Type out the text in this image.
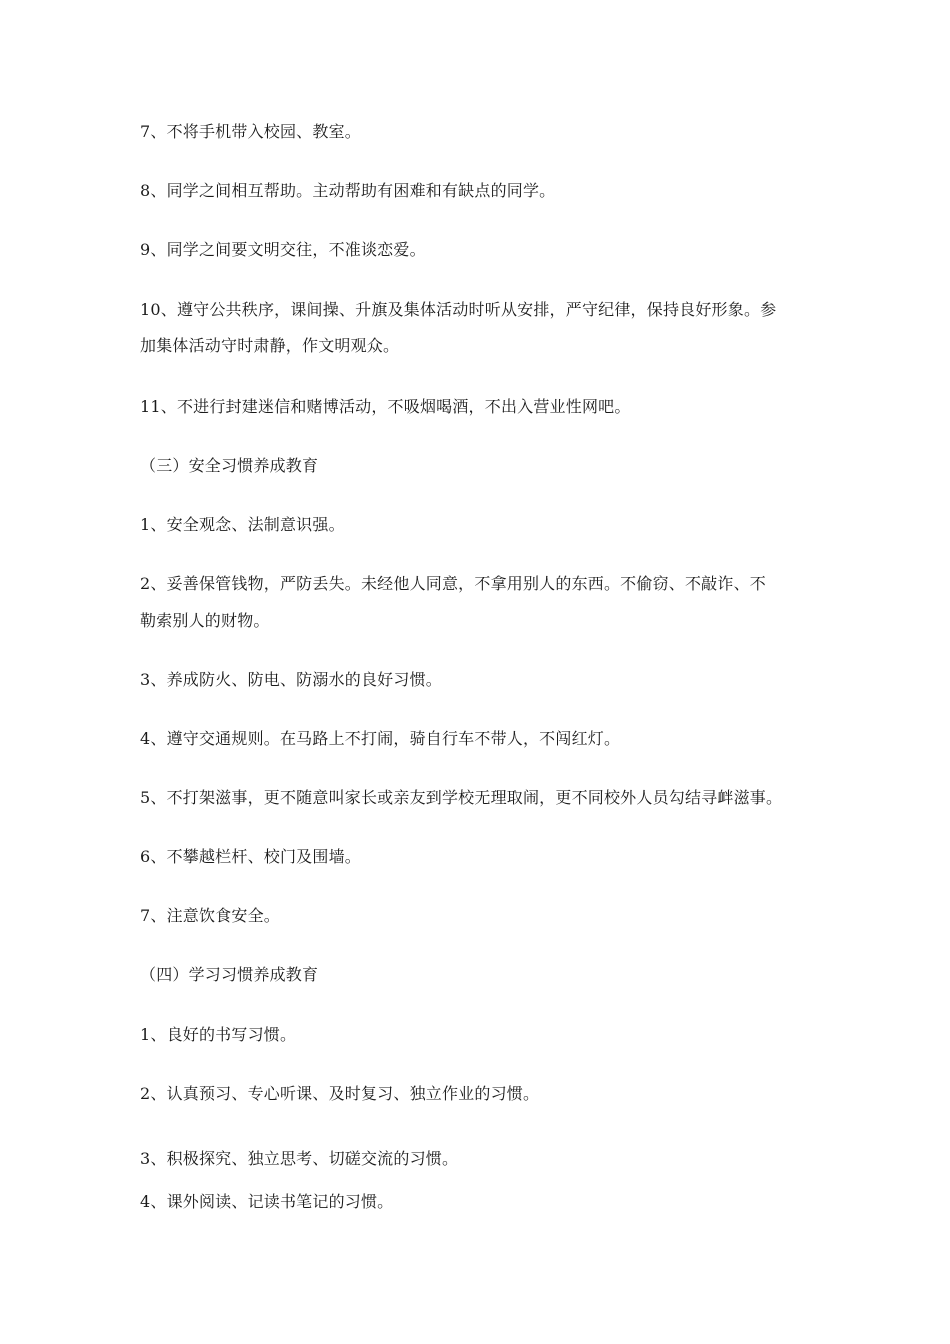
7、不将手机带入校园、教室。
8、同学之间相互帮助。主动帮助有困难和有缺点的同学。
9、同学之间要文明交往，不准谈恋爱。
10、遵守公共秩序，课间操、升旗及集体活动时听从安排，严守纪律，保持良好形象。参
加集体活动守时肃静，作文明观众。
11、不进行封建迷信和赌博活动，不吸烟喝酒，不出入营业性网吧。
（三）安全习惯养成教育
1、安全观念、法制意识强。
2、妥善保管钱物，严防丢失。未经他人同意，不拿用别人的东西。不偷窃、不敲诈、不
勒索别人的财物。
3、养成防火、防电、防溺水的良好习惯。
4、遵守交通规则。在马路上不打闹，骑自行车不带人，不闯红灯。
5、不打架滋事，更不随意叫家长或亲友到学校无理取闹，更不同校外人员勾结寻衅滋事。
6、不攀越栏杆、校门及围墙。
7、注意饮食安全。
（四）学习习惯养成教育
1、良好的书写习惯。
2、认真预习、专心听课、及时复习、独立作业的习惯。
3、积极探究、独立思考、切磋交流的习惯。
4、课外阅读、记读书笔记的习惯。
